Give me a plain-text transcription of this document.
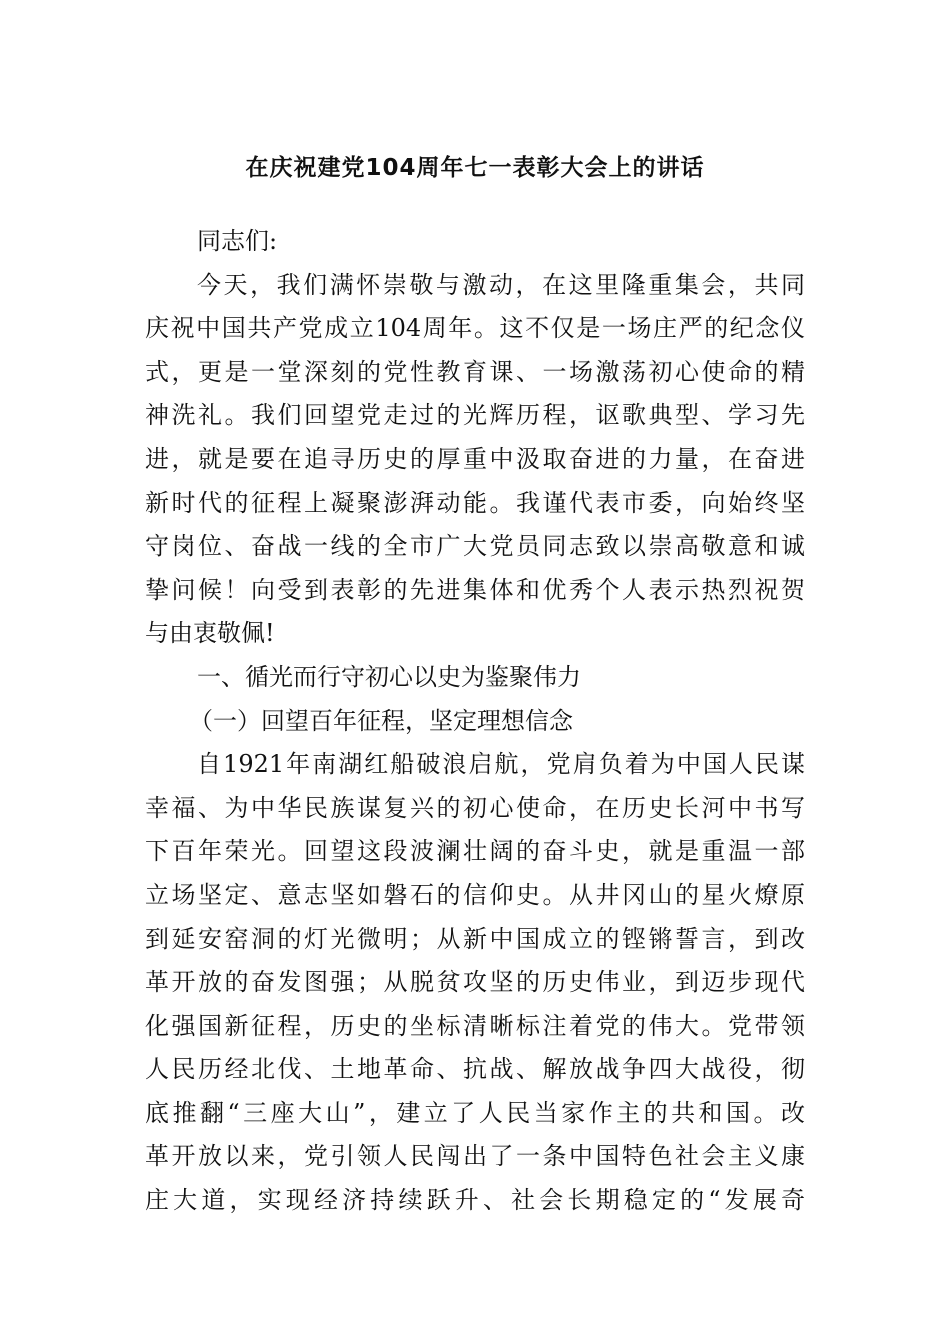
在庆祝建党104周年七一表彰大会上的讲话
同志们:
今天，我们满怀崇敬与激动，在这里隆重集会，共同
庆祝中国共产党成立104周年。这不仅是一场庄严的纪念仪
式，更是一堂深刻的党性教育课、一场激荡初心使命的精
神洗礼。我们回望党走过的光辉历程，讴歌典型、学习先
进，就是要在追寻历史的厚重中汲取奋进的力量，在奋进
新时代的征程上凝聚澎湃动能。我谨代表市委，向始终坚
守岗位、奋战一线的全市广大党员同志致以崇高敬意和诚
挚问候！向受到表彰的先进集体和优秀个人表示热烈祝贺
与由衷敬佩!
一、循光而行守初心以史为鉴聚伟力
（一）回望百年征程，坚定理想信念
自1921年南湖红船破浪启航，党肩负着为中国人民谋
幸福、为中华民族谋复兴的初心使命，在历史长河中书写
下百年荣光。回望这段波澜壮阔的奋斗史，就是重温一部
立场坚定、意志坚如磐石的信仰史。从井冈山的星火燎原
到延安窑洞的灯光微明；从新中国成立的铿锵誓言，到改
革开放的奋发图强；从脱贫攻坚的历史伟业，到迈步现代
化强国新征程，历史的坐标清晰标注着党的伟大。党带领
人民历经北伐、土地革命、抗战、解放战争四大战役，彻
底推翻“三座大山”，建立了人民当家作主的共和国。改
革开放以来，党引领人民闯出了一条中国特色社会主义康
庄大道，实现经济持续跃升、社会长期稳定的“发展奇
